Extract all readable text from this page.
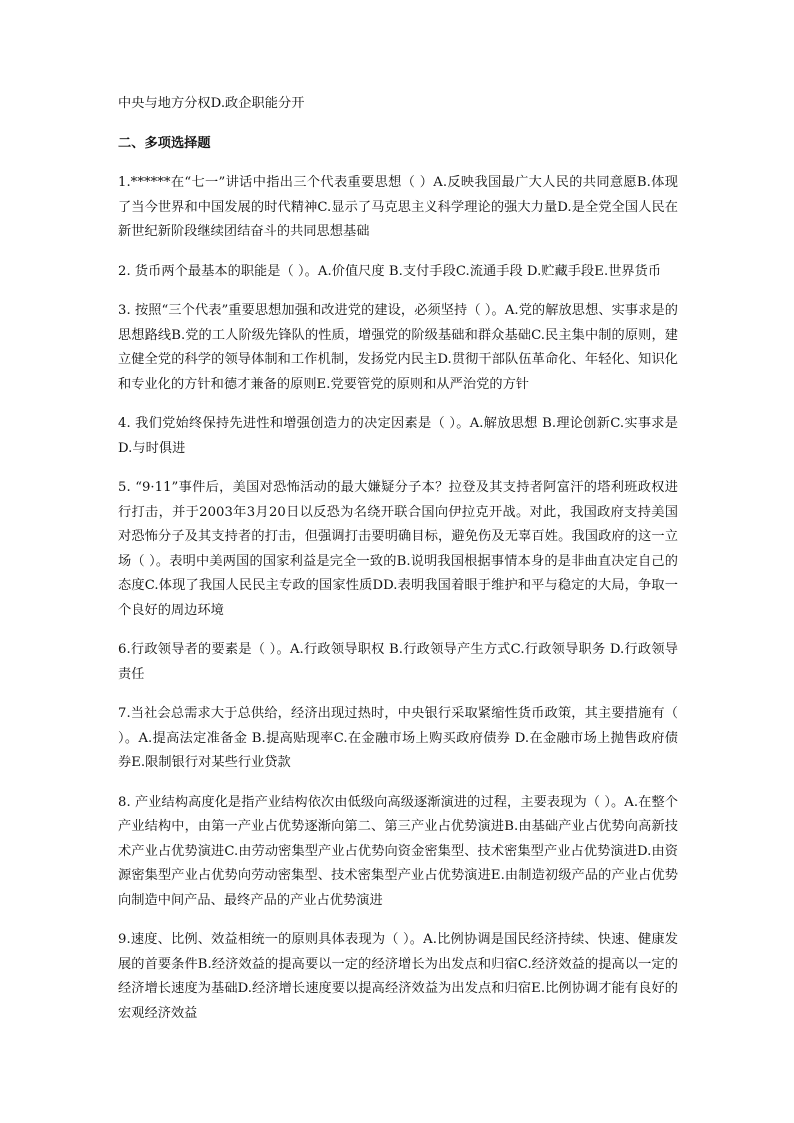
中央与地方分权D.政企职能分开

二、多项选择题

1.******在“七一”讲话中指出三个代表重要思想（ ）A.反映我国最广大人民的共同意愿B.体现了当今世界和中国发展的时代精神C.显示了马克思主义科学理论的强大力量D.是全党全国人民在新世纪新阶段继续团结奋斗的共同思想基础

2. 货币两个最基本的职能是（ ）。A.价值尺度 B.支付手段C.流通手段 D.贮藏手段E.世界货币

3. 按照“三个代表”重要思想加强和改进党的建设，必须坚持（ ）。A.党的解放思想、实事求是的思想路线B.党的工人阶级先锋队的性质，增强党的阶级基础和群众基础C.民主集中制的原则，建立健全党的科学的领导体制和工作机制，发扬党内民主D.贯彻干部队伍革命化、年轻化、知识化和专业化的方针和德才兼备的原则E.党要管党的原则和从严治党的方针

4. 我们党始终保持先进性和增强创造力的决定因素是（ ）。A.解放思想 B.理论创新C.实事求是 D.与时俱进

5. “9·11”事件后，美国对恐怖活动的最大嫌疑分子本？拉登及其支持者阿富汗的塔利班政权进行打击，并于2003年3月20日以反恐为名绕开联合国向伊拉克开战。对此，我国政府支持美国对恐怖分子及其支持者的打击，但强调打击要明确目标，避免伤及无辜百姓。我国政府的这一立场（ ）。表明中美两国的国家利益是完全一致的B.说明我国根据事情本身的是非曲直决定自己的态度C.体现了我国人民民主专政的国家性质DD.表明我国着眼于维护和平与稳定的大局，争取一个良好的周边环境

6.行政领导者的要素是（ ）。A.行政领导职权 B.行政领导产生方式C.行政领导职务 D.行政领导责任

7.当社会总需求大于总供给，经济出现过热时，中央银行采取紧缩性货币政策，其主要措施有（ ）。A.提高法定准备金 B.提高贴现率C.在金融市场上购买政府债券 D.在金融市场上抛售政府债券E.限制银行对某些行业贷款

8. 产业结构高度化是指产业结构依次由低级向高级逐渐演进的过程，主要表现为（ ）。A.在整个产业结构中，由第一产业占优势逐渐向第二、第三产业占优势演进B.由基础产业占优势向高新技术产业占优势演进C.由劳动密集型产业占优势向资金密集型、技术密集型产业占优势演进D.由资源密集型产业占优势向劳动密集型、技术密集型产业占优势演进E.由制造初级产品的产业占优势向制造中间产品、最终产品的产业占优势演进

9.速度、比例、效益相统一的原则具体表现为（ ）。A.比例协调是国民经济持续、快速、健康发展的首要条件B.经济效益的提高要以一定的经济增长为出发点和归宿C.经济效益的提高以一定的经济增长速度为基础D.经济增长速度要以提高经济效益为出发点和归宿E.比例协调才能有良好的宏观经济效益
